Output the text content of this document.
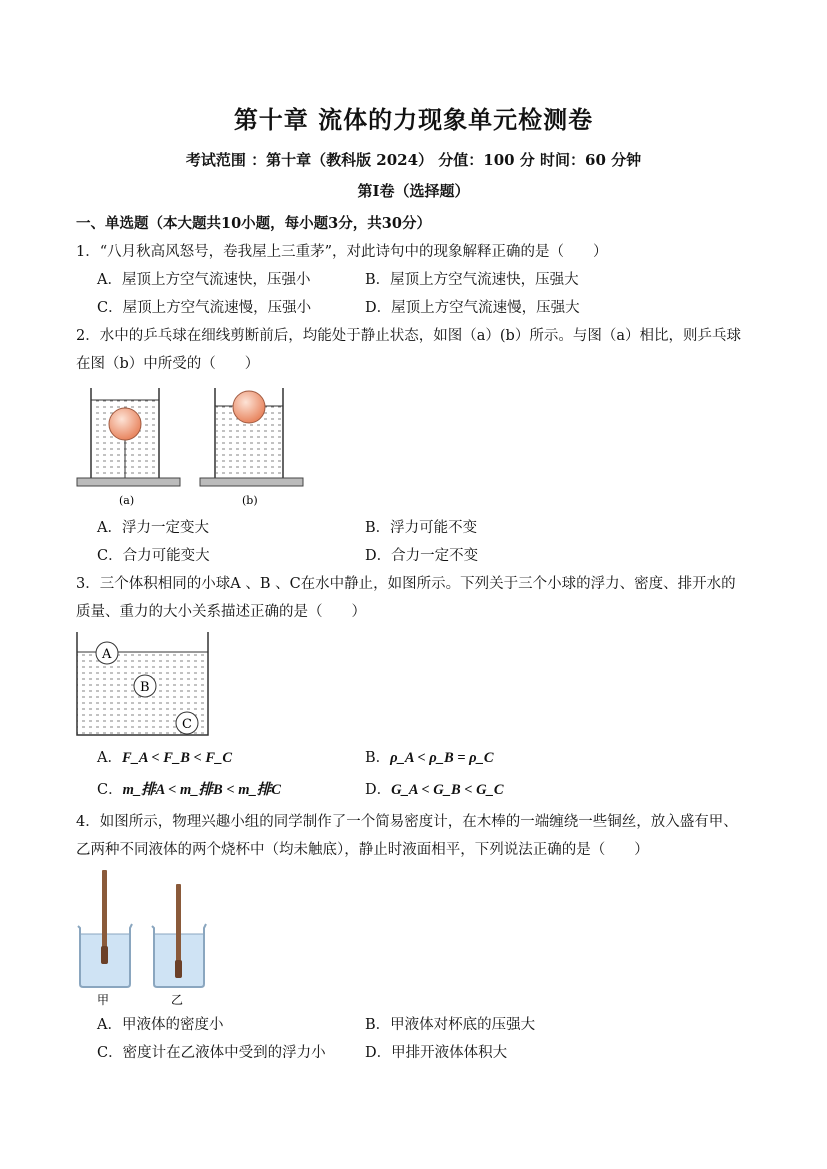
第十章 流体的力现象单元检测卷
考试范围 ：第十章（教科版 2024） 分值：100 分 时间：60 分钟
第Ⅰ卷（选择题）
一、单选题（本大题共10小题，每小题3分，共30分）
1．“八月秋高风怒号，卷我屋上三重茅”，对此诗句中的现象解释正确的是（　　）
A．屋顶上方空气流速快，压强小	B．屋顶上方空气流速快，压强大
C．屋顶上方空气流速慢，压强小	D．屋顶上方空气流速慢，压强大
2．水中的乒乓球在细线剪断前后，均能处于静止状态，如图（a）(b）所示。与图（a）相比，则乒乓球
在图（b）中所受的（　　）
(a)	(b)
A．浮力一定变大	B．浮力可能不变
C．合力可能变大	D．合力一定不变
3．三个体积相同的小球A 、B 、C在水中静止，如图所示。下列关于三个小球的浮力、密度、排开水的
质量、重力的大小关系描述正确的是（　　）
A
B
C
A．F_A < F_B < F_C	B．ρ_A < ρ_B = ρ_C
C．m_排A < m_排B < m_排C	D．G_A < G_B < G_C
4．如图所示，物理兴趣小组的同学制作了一个简易密度计，在木棒的一端缠绕一些铜丝，放入盛有甲、
乙两种不同液体的两个烧杯中（均未触底），静止时液面相平，下列说法正确的是（　　）
甲	乙
A．甲液体的密度小	B．甲液体对杯底的压强大
C．密度计在乙液体中受到的浮力小	D．甲排开液体体积大
